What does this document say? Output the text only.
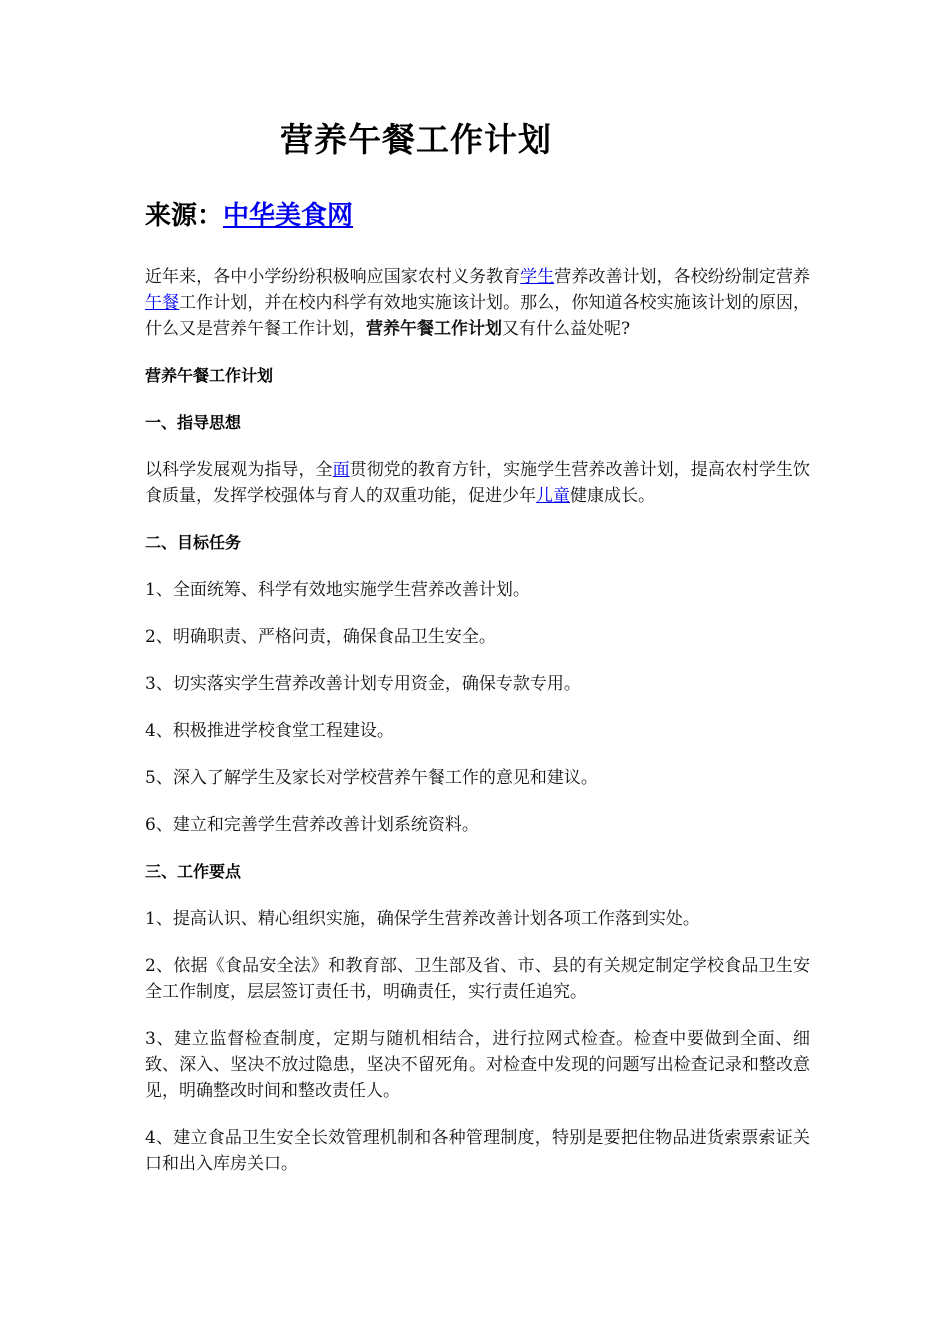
营养午餐工作计划
来源：中华美食网

近年来，各中小学纷纷积极响应国家农村义务教育学生营养改善计划，各校纷纷制定营养午餐工作计划，并在校内科学有效地实施该计划。那么，你知道各校实施该计划的原因，什么又是营养午餐工作计划，营养午餐工作计划又有什么益处呢?

营养午餐工作计划
一、指导思想

以科学发展观为指导，全面贯彻党的教育方针，实施学生营养改善计划，提高农村学生饮食质量，发挥学校强体与育人的双重功能，促进少年儿童健康成长。

二、目标任务

1、全面统筹、科学有效地实施学生营养改善计划。

2、明确职责、严格问责，确保食品卫生安全。

3、切实落实学生营养改善计划专用资金，确保专款专用。

4、积极推进学校食堂工程建设。

5、深入了解学生及家长对学校营养午餐工作的意见和建议。

6、建立和完善学生营养改善计划系统资料。

三、工作要点

1、提高认识、精心组织实施，确保学生营养改善计划各项工作落到实处。

2、依据《食品安全法》和教育部、卫生部及省、市、县的有关规定制定学校食品卫生安全工作制度，层层签订责任书，明确责任，实行责任追究。

3、建立监督检查制度，定期与随机相结合，进行拉网式检查。检查中要做到全面、细致、深入、坚决不放过隐患，坚决不留死角。对检查中发现的问题写出检查记录和整改意见，明确整改时间和整改责任人。

4、建立食品卫生安全长效管理机制和各种管理制度，特别是要把住物品进货索票索证关口和出入库房关口。
